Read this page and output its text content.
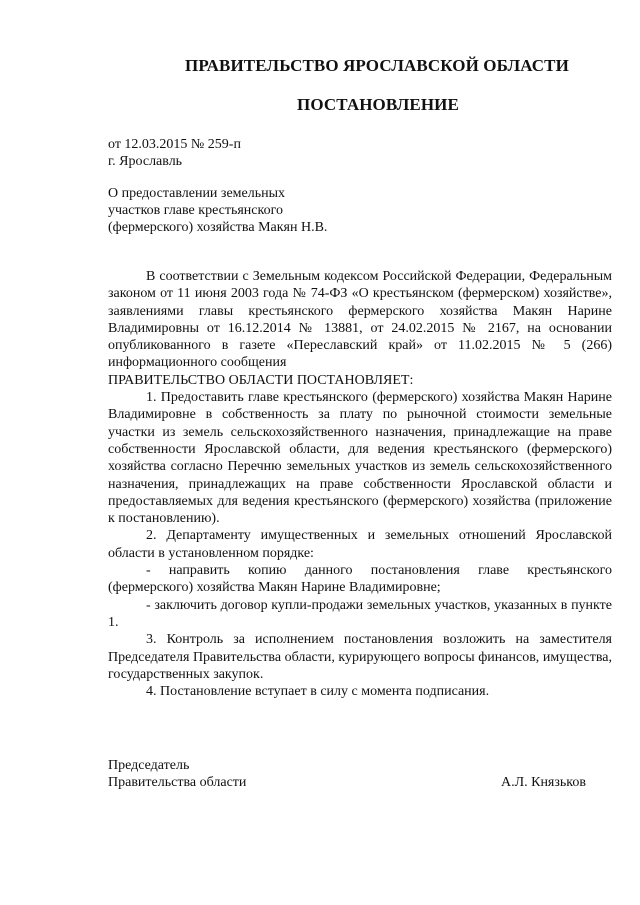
ПРАВИТЕЛЬСТВО ЯРОСЛАВСКОЙ ОБЛАСТИ
ПОСТАНОВЛЕНИЕ
от 12.03.2015 № 259-п
г. Ярославль
О предоставлении земельных
участков главе крестьянского
(фермерского) хозяйства Макян Н.В.

В соответствии с Земельным кодексом Российской Федерации, Федеральным законом от 11 июня 2003 года № 74-ФЗ «О крестьянском (фермерском) хозяйстве», заявлениями главы крестьянского фермерского хозяйства Макян Нарине Владимировны от 16.12.2014 № 13881, от 24.02.2015 № 2167, на основании опубликованного в газете «Переславский край» от 11.02.2015 № 5 (266) информационного сообщения

ПРАВИТЕЛЬСТВО ОБЛАСТИ ПОСТАНОВЛЯЕТ:

1. Предоставить главе крестьянского (фермерского) хозяйства Макян Нарине Владимировне в собственность за плату по рыночной стоимости земельные участки из земель сельскохозяйственного назначения, принадлежащие на праве собственности Ярославской области, для ведения крестьянского (фермерского) хозяйства согласно Перечню земельных участков из земель сельскохозяйственного назначения, принадлежащих на праве собственности Ярославской области и предоставляемых для ведения крестьянского (фермерского) хозяйства (приложение к постановлению).

2. Департаменту имущественных и земельных отношений Ярославской области в установленном порядке:

- направить копию данного постановления главе крестьянского (фермерского) хозяйства Макян Нарине Владимировне;

- заключить договор купли-продажи земельных участков, указанных в пункте 1.

3. Контроль за исполнением постановления возложить на заместителя Председателя Правительства области, курирующего вопросы финансов, имущества, государственных закупок.

4. Постановление вступает в силу с момента подписания.

Председатель
Правительства области	А.Л. Князьков
